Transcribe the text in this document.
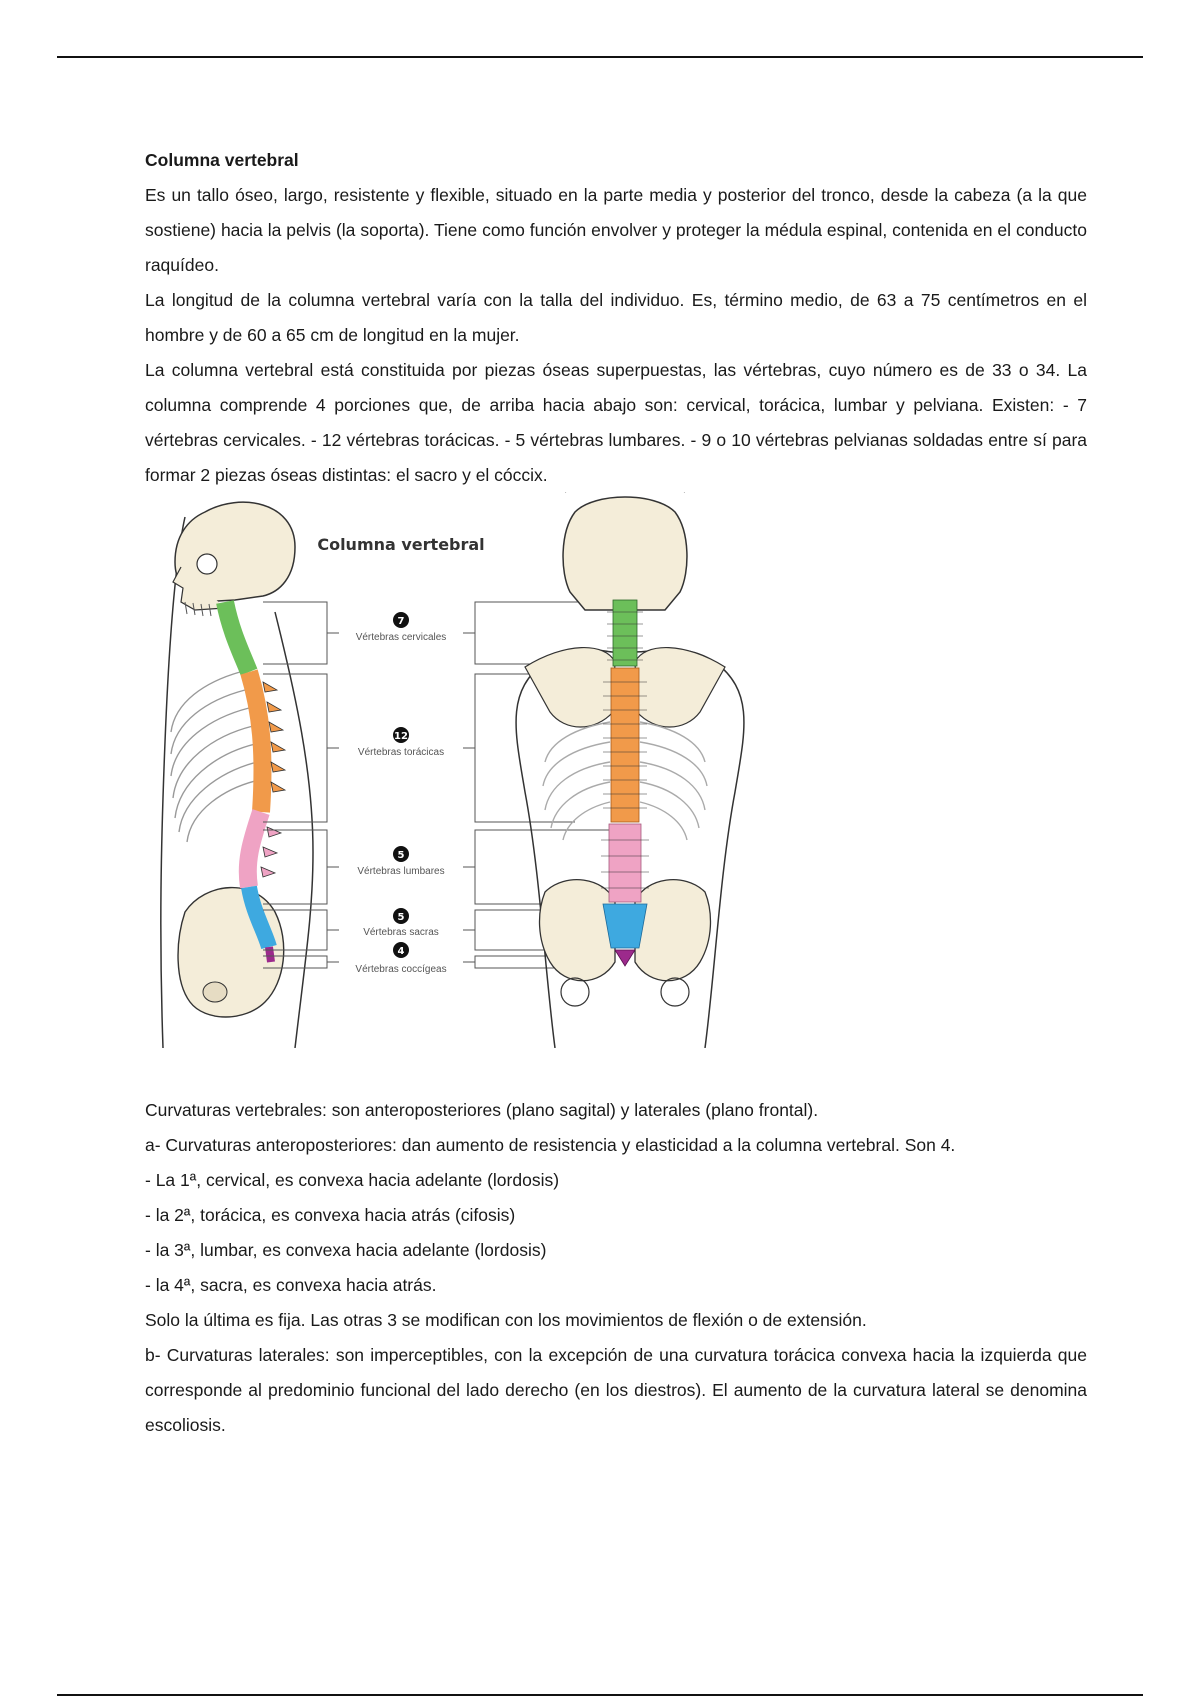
Columna vertebral

Es un tallo óseo, largo, resistente y flexible, situado en la parte media y posterior del tronco, desde la cabeza (a la que sostiene) hacia la pelvis (la soporta). Tiene como función envolver y proteger la médula espinal, contenida en el conducto raquídeo.

La longitud de la columna vertebral varía con la talla del individuo. Es, término medio, de 63 a 75 centímetros en el hombre y de 60 a 65 cm de longitud en la mujer.

La columna vertebral está constituida por piezas óseas superpuestas, las vértebras, cuyo número es de 33 o 34. La columna comprende 4 porciones que, de arriba hacia abajo son: cervical, torácica, lumbar y pelviana. Existen: - 7 vértebras cervicales. - 12 vértebras torácicas. - 5 vértebras lumbares. - 9 o 10 vértebras pelvianas soldadas entre sí para formar 2 piezas óseas distintas: el sacro y el cóccix.

Columna vertebral
7
Vértebras cervicales
12
Vértebras torácicas
5
Vértebras lumbares
5
Vértebras sacras
4
Vértebras coccígeas

Curvaturas vertebrales: son anteroposteriores (plano sagital) y laterales (plano frontal).

a- Curvaturas anteroposteriores: dan aumento de resistencia y elasticidad a la columna vertebral. Son 4.

- La 1ª, cervical, es convexa hacia adelante (lordosis)

- la 2ª, torácica, es convexa hacia atrás (cifosis)

- la 3ª, lumbar, es convexa hacia adelante (lordosis)

- la 4ª, sacra, es convexa hacia atrás.

Solo la última es fija. Las otras 3 se modifican con los movimientos de flexión o de extensión.

b- Curvaturas laterales: son imperceptibles, con la excepción de una curvatura torácica convexa hacia la izquierda que corresponde al predominio funcional del lado derecho (en los diestros). El aumento de la curvatura lateral se denomina escoliosis.
